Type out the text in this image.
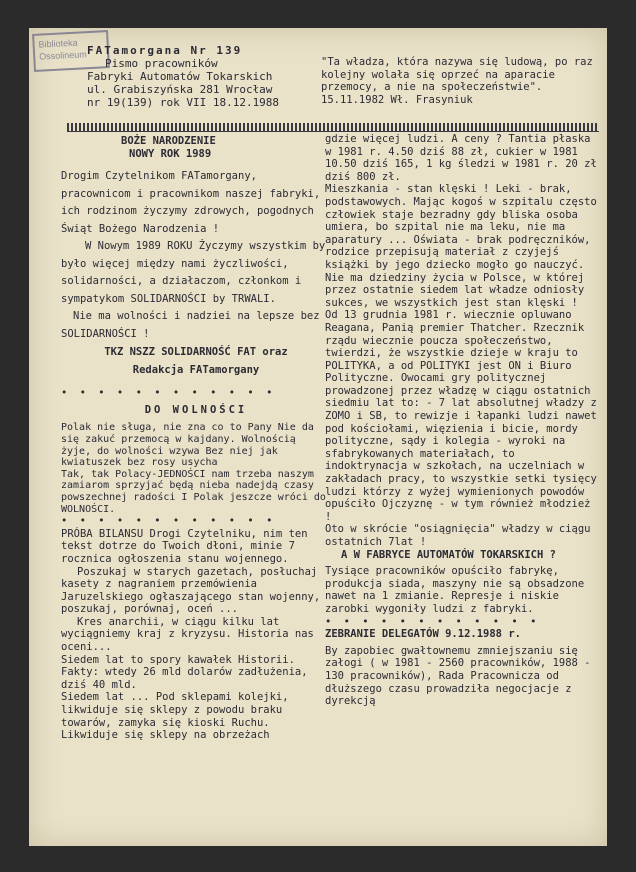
Biblioteka
Ossolineum FATamorgana Nr 139
Pismo pracowników
Fabryki Automatów Tokarskich
ul. Grabiszyńska 281 Wrocław
nr 19(139) rok VII 18.12.1988
"Ta władza, która nazywa się ludową, po raz kolejny wolała się oprzeć na aparacie przemocy, a nie na społeczeństwie". 15.11.1982 Wł. Frasyniuk

BOŻE NARODZENIE

NOWY ROK 1989

Drogim Czytelnikom FATamorgany, pracownicom i pracownikom naszej fabryki, ich rodzinom życzymy zdrowych, pogodnych Świąt Bożego Narodzenia !

W Nowym 1989 ROKU Życzymy wszystkim by było więcej między nami życzliwości, solidarności, a działaczom, członkom i sympatykom SOLIDARNOŚCI by TRWALI.

Nie ma wolności i nadziei na lepsze bez SOLIDARNOŚCI !

TKZ NSZZ SOLIDARNOŚĆ FAT oraz

Redakcja FATamorgany

• • • • • • • • • • • •

DO WOLNOŚCI

Polak nie sługa, nie zna co to Pany Nie da się zakuć przemocą w kajdany. Wolnością żyje, do wolności wzywa Bez niej jak kwiatuszek bez rosy usycha

Tak, tak Polacy-JEDNOŚCI nam trzeba naszym zamiarom sprzyjać będą nieba nadejdą czasy powszechnej radości I Polak jeszcze wróci do WOLNOŚCI.

• • • • • • • • • • • •

PRÓBA BILANSU Drogi Czytelniku, nim ten tekst dotrze do Twoich dłoni, minie 7 rocznica ogłoszenia stanu wojennego.

Poszukaj w starych gazetach, posłuchaj kasety z nagraniem przemówienia Jaruzelskiego ogłaszającego stan wojenny, poszukaj, porównaj, oceń ...

Kres anarchii, w ciągu kilku lat wyciągniemy kraj z kryzysu. Historia nas oceni...

Siedem lat to spory kawałek Historii. Fakty: wtedy 26 mld dolarów zadłużenia, dziś 40 mld.

Siedem lat ... Pod sklepami kolejki, likwiduje się sklepy z powodu braku towarów, zamyka się kioski Ruchu. Likwiduje się sklepy na obrzeżach

gdzie więcej ludzi. A ceny ? Tantia płaska w 1981 r. 4.50 dziś 88 zł, cukier w 1981 10.50 dziś 165, 1 kg śledzi w 1981 r. 20 zł dziś 800 zł.

Mieszkania - stan klęski ! Leki - brak, podstawowych. Mając kogoś w szpitalu często człowiek staje bezradny gdy bliska osoba umiera, bo szpital nie ma leku, nie ma aparatury ... Oświata - brak podręczników, rodzice przepisują materiał z czyjejś książki by jego dziecko mogło go nauczyć.

Nie ma dziedziny życia w Polsce, w której przez ostatnie siedem lat władze odniosły sukces, we wszystkich jest stan klęski !

Od 13 grudnia 1981 r. wiecznie opluwano Reagana, Panią premier Thatcher. Rzecznik rządu wiecznie poucza społeczeństwo, twierdzi, że wszystkie dzieje w kraju to POLITYKA, a od POLITYKI jest ON i Biuro Polityczne. Owocami gry politycznej prowadzonej przez władzę w ciągu ostatnich siedmiu lat to: - 7 lat absolutnej władzy z ZOMO i SB, to rewizje i łapanki ludzi nawet pod kościołami, więzienia i bicie, mordy polityczne, sądy i kolegia - wyroki na sfabrykowanych materiałach, to indoktrynacja w szkołach, na uczelniach w zakładach pracy, to wszystkie setki tysięcy ludzi którzy z wyżej wymienionych powodów opuściło Ojczyznę - w tym również młodzież !

Oto w skrócie "osiągnięcia" władzy w ciągu ostatnich 7lat !

A W FABRYCE AUTOMATÓW TOKARSKICH ?

Tysiące pracowników opuściło fabrykę, produkcja siada, maszyny nie są obsadzone nawet na 1 zmianie. Represje i niskie zarobki wygoniły ludzi z fabryki.

• • • • • • • • • • • •

ZEBRANIE DELEGATÓW 9.12.1988 r.

By zapobiec gwałtownemu zmniejszaniu się załogi ( w 1981 - 2560 pracowników, 1988 - 130 pracowników), Rada Pracownicza od dłuższego czasu prowadziła negocjacje z dyrekcją
